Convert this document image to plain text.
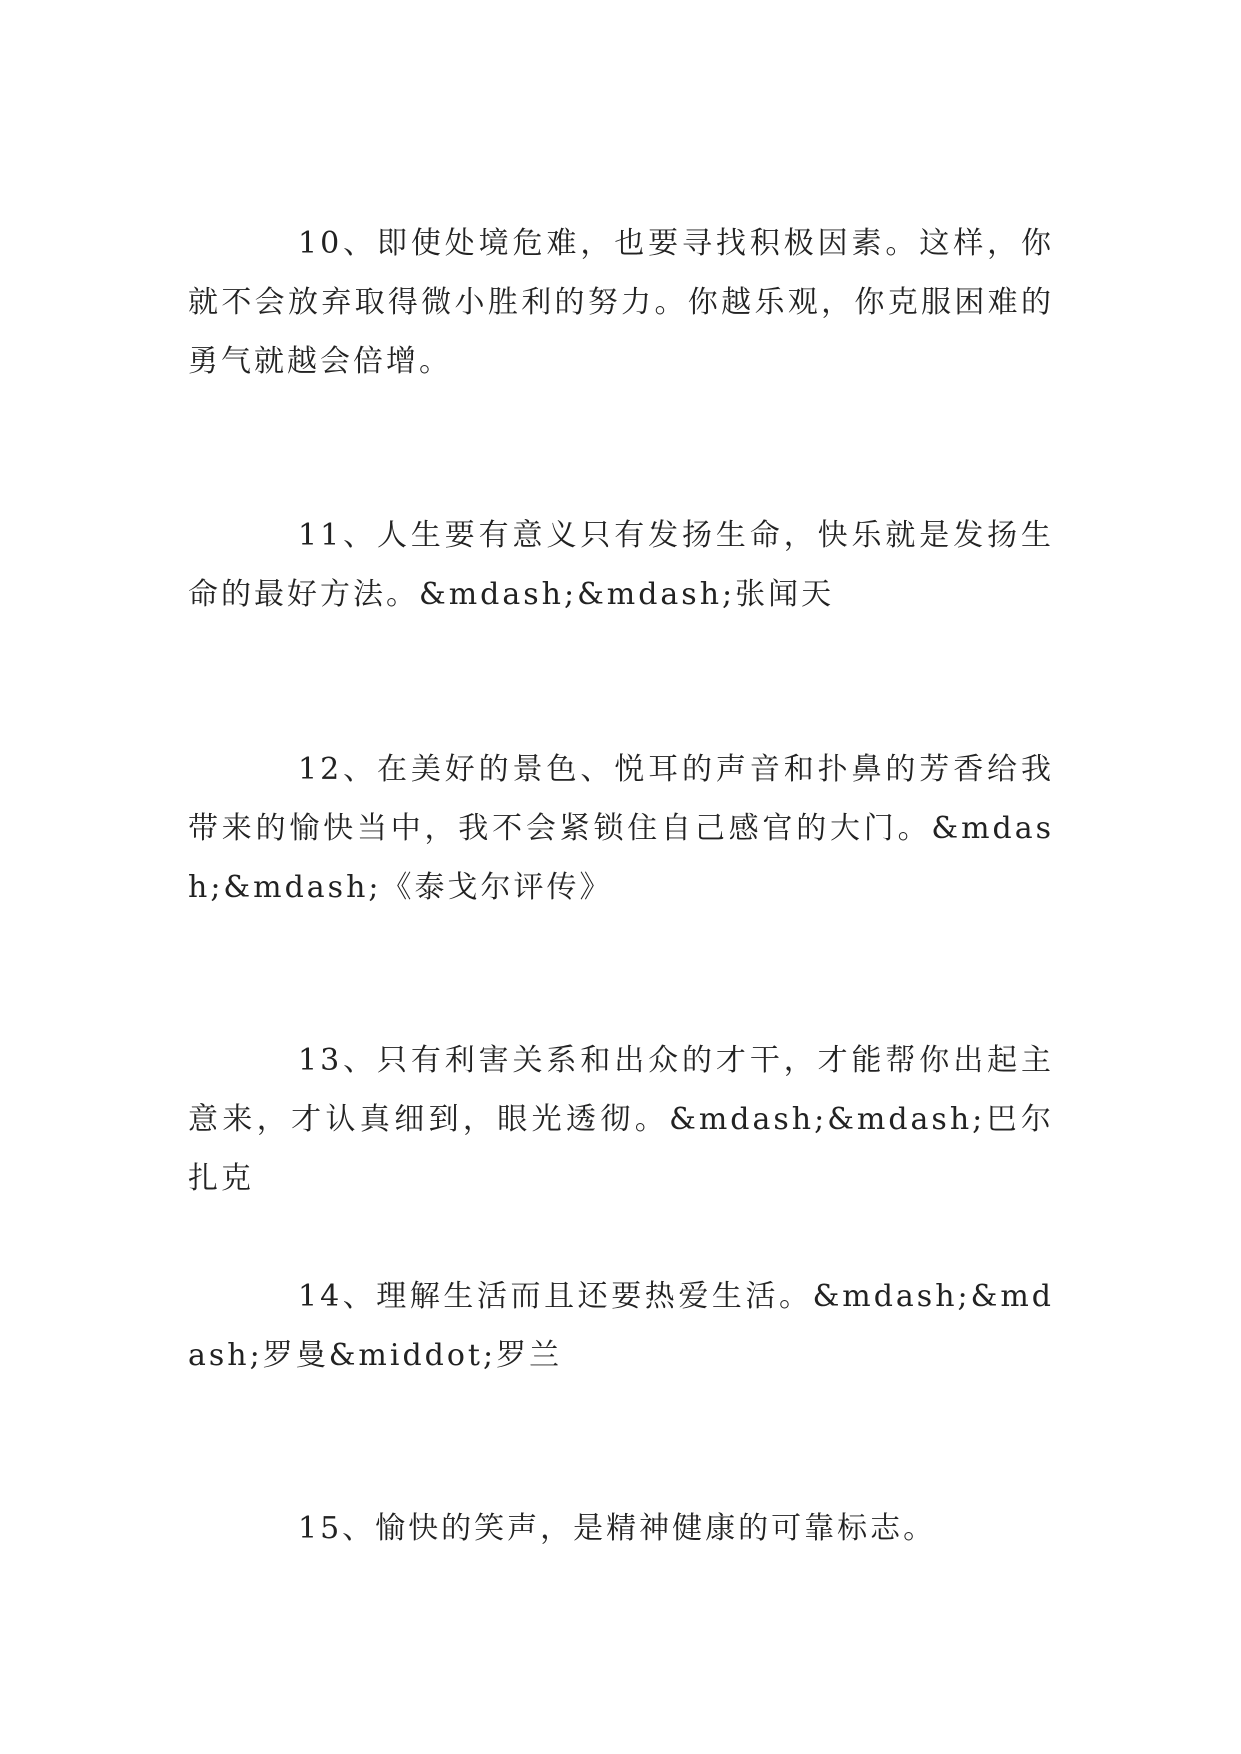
10、即使处境危难，也要寻找积极因素。这样，你就不会放弃取得微小胜利的努力。你越乐观，你克服困难的勇气就越会倍增。

11、人生要有意义只有发扬生命，快乐就是发扬生命的最好方法。&mdash;&mdash;张闻天

12、在美好的景色、悦耳的声音和扑鼻的芳香给我带来的愉快当中，我不会紧锁住自己感官的大门。&mdash;&mdash;《泰戈尔评传》

13、只有利害关系和出众的才干，才能帮你出起主意来，才认真细到，眼光透彻。&mdash;&mdash;巴尔扎克

14、理解生活而且还要热爱生活。&mdash;&mdash;罗曼&middot;罗兰

15、愉快的笑声，是精神健康的可靠标志。
